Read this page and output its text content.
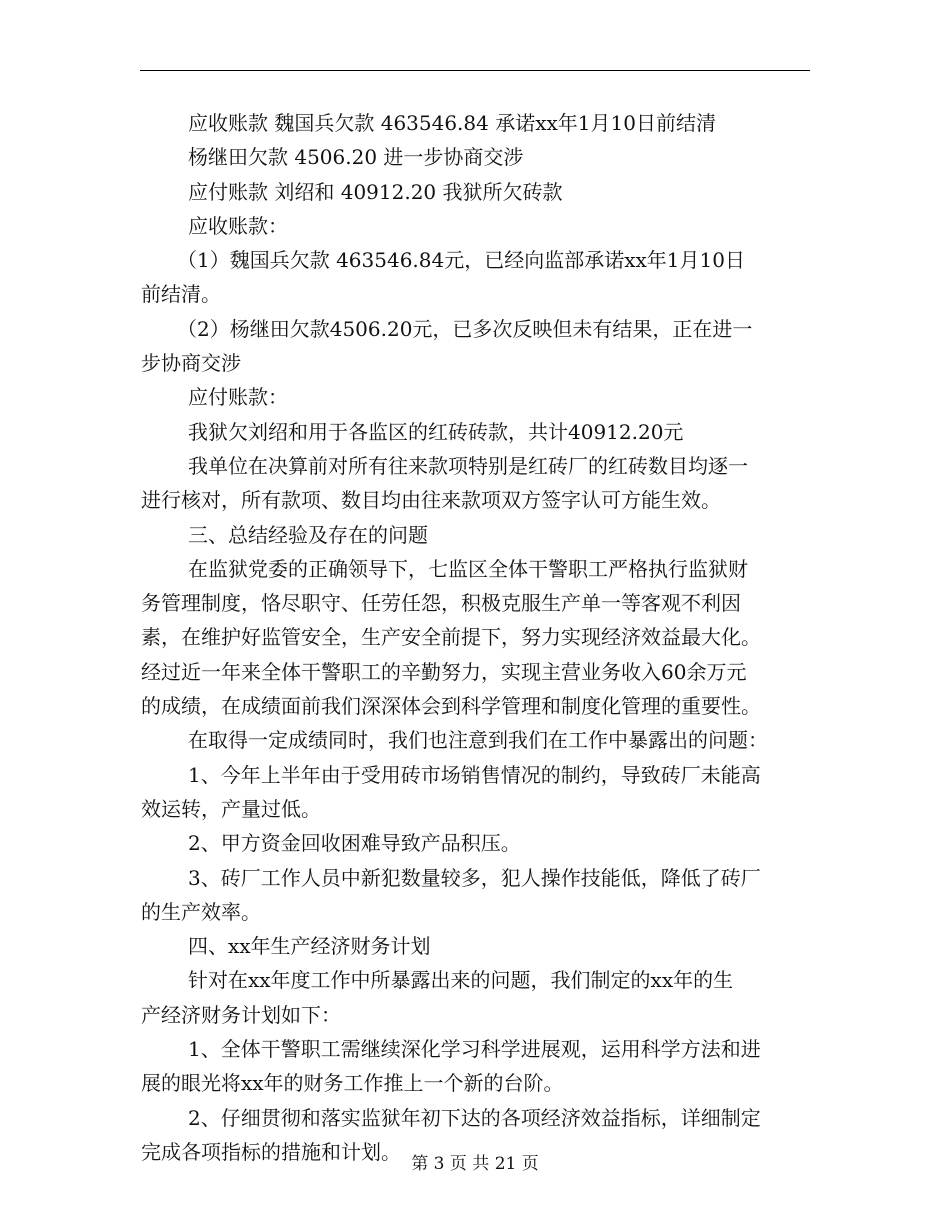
应收账款 魏国兵欠款 463546.84 承诺xx年1月10日前结清
杨继田欠款 4506.20 进一步协商交涉
应付账款 刘绍和 40912.20 我狱所欠砖款
应收账款：
（1）魏国兵欠款 463546.84元，已经向监部承诺xx年1月10日
前结清。
（2）杨继田欠款4506.20元，已多次反映但未有结果，正在进一
步协商交涉
应付账款：
我狱欠刘绍和用于各监区的红砖砖款，共计40912.20元
我单位在决算前对所有往来款项特别是红砖厂的红砖数目均逐一
进行核对，所有款项、数目均由往来款项双方签字认可方能生效。
三、总结经验及存在的问题
在监狱党委的正确领导下，七监区全体干警职工严格执行监狱财
务管理制度，恪尽职守、任劳任怨，积极克服生产单一等客观不利因
素，在维护好监管安全，生产安全前提下，努力实现经济效益最大化。
经过近一年来全体干警职工的辛勤努力，实现主营业务收入60余万元
的成绩，在成绩面前我们深深体会到科学管理和制度化管理的重要性。
在取得一定成绩同时，我们也注意到我们在工作中暴露出的问题：
1、今年上半年由于受用砖市场销售情况的制约，导致砖厂未能高
效运转，产量过低。
2、甲方资金回收困难导致产品积压。
3、砖厂工作人员中新犯数量较多，犯人操作技能低，降低了砖厂
的生产效率。
四、xx年生产经济财务计划
针对在xx年度工作中所暴露出来的问题，我们制定的xx年的生
产经济财务计划如下：
1、全体干警职工需继续深化学习科学进展观，运用科学方法和进
展的眼光将xx年的财务工作推上一个新的台阶。
2、仔细贯彻和落实监狱年初下达的各项经济效益指标，详细制定
完成各项指标的措施和计划。
第 3 页 共 21 页
